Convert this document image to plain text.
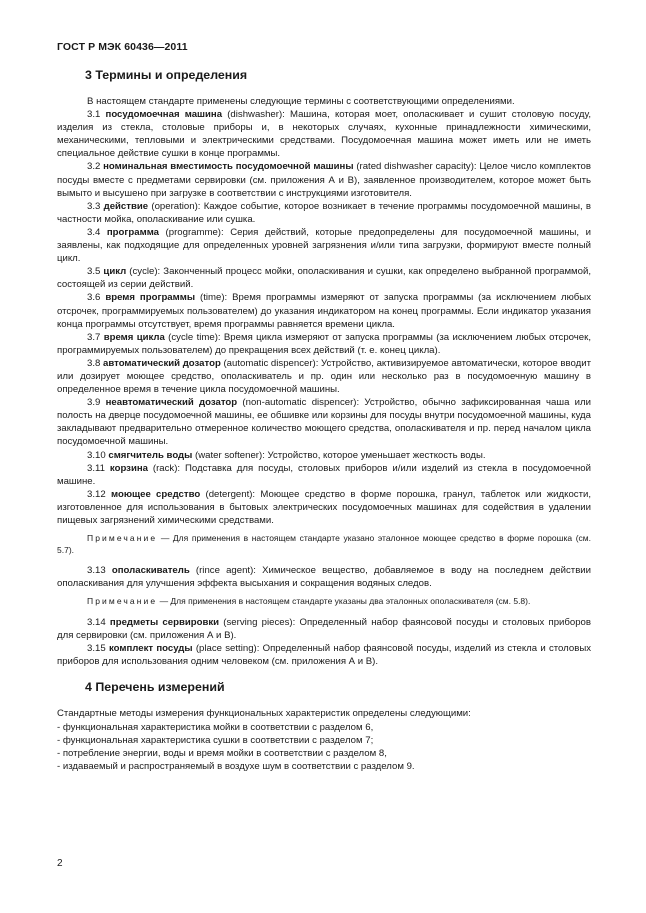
ГОСТ Р МЭК 60436—2011
3 Термины и определения

В настоящем стандарте применены следующие термины с соответствующими определениями.

3.1 посудомоечная машина (dishwasher): Машина, которая моет, ополаскивает и сушит столовую посуду, изделия из стекла, столовые приборы и, в некоторых случаях, кухонные принадлежности химическими, механическими, тепловыми и электрическими средствами. Посудомоечная машина может иметь или не иметь специальное действие сушки в конце программы.

3.2 номинальная вместимость посудомоечной машины (rated dishwasher capacity): Целое число комплектов посуды вместе с предметами сервировки (см. приложения А и В), заявленное производителем, которое может быть вымыто и высушено при загрузке в соответствии с инструкциями изготовителя.

3.3 действие (operation): Каждое событие, которое возникает в течение программы посудомоечной машины, в частности мойка, ополаскивание или сушка.

3.4 программа (programme): Серия действий, которые предопределены для посудомоечной машины, и заявлены, как подходящие для определенных уровней загрязнения и/или типа загрузки, формируют вместе полный цикл.

3.5 цикл (cycle): Законченный процесс мойки, ополаскивания и сушки, как определено выбранной программой, состоящей из серии действий.

3.6 время программы (time): Время программы измеряют от запуска программы (за исключением любых отсрочек, программируемых пользователем) до указания индикатором на конец программы. Если индикатор указания конца программы отсутствует, время программы равняется времени цикла.

3.7 время цикла (cycle time): Время цикла измеряют от запуска программы (за исключением любых отсрочек, программируемых пользователем) до прекращения всех действий (т. е. конец цикла).

3.8 автоматический дозатор (automatic dispencer): Устройство, активизируемое автоматически, которое вводит или дозирует моющее средство, ополаскиватель и пр. один или несколько раз в посудомоечную машину в определенное время в течение цикла посудомоечной машины.

3.9 неавтоматический дозатор (non-automatic dispencer): Устройство, обычно зафиксированная чаша или полость на дверце посудомоечной машины, ее обшивке или корзины для посуды внутри посудомоечной машины, куда закладывают предварительно отмеренное количество моющего средства, ополаскивателя и пр. перед началом цикла посудомоечной машины.

3.10 смягчитель воды (water softener): Устройство, которое уменьшает жесткость воды.

3.11 корзина (rack): Подставка для посуды, столовых приборов и/или изделий из стекла в посудомоечной машине.

3.12 моющее средство (detergent): Моющее средство в форме порошка, гранул, таблеток или жидкости, изготовленное для использования в бытовых электрических посудомоечных машинах для содействия в удалении пищевых загрязнений химическими средствами.

Примечание — Для применения в настоящем стандарте указано эталонное моющее средство в форме порошка (см. 5.7).

3.13 ополаскиватель (rince agent): Химическое вещество, добавляемое в воду на последнем действии ополаскивания для улучшения эффекта высыхания и сокращения водяных следов.

Примечание — Для применения в настоящем стандарте указаны два эталонных ополаскивателя (см. 5.8).

3.14 предметы сервировки (serving pieces): Определенный набор фаянсовой посуды и столовых приборов для сервировки (см. приложения А и В).

3.15 комплект посуды (place setting): Определенный набор фаянсовой посуды, изделий из стекла и столовых приборов для использования одним человеком (см. приложения А и В).

4 Перечень измерений

Стандартные методы измерения функциональных характеристик определены следующими:

- функциональная характеристика мойки в соответствии с разделом 6,
- функциональная характеристика сушки в соответствии с разделом 7;
- потребление энергии, воды и время мойки в соответствии с разделом 8,
- издаваемый и распространяемый в воздухе шум в соответствии с разделом 9.
2
